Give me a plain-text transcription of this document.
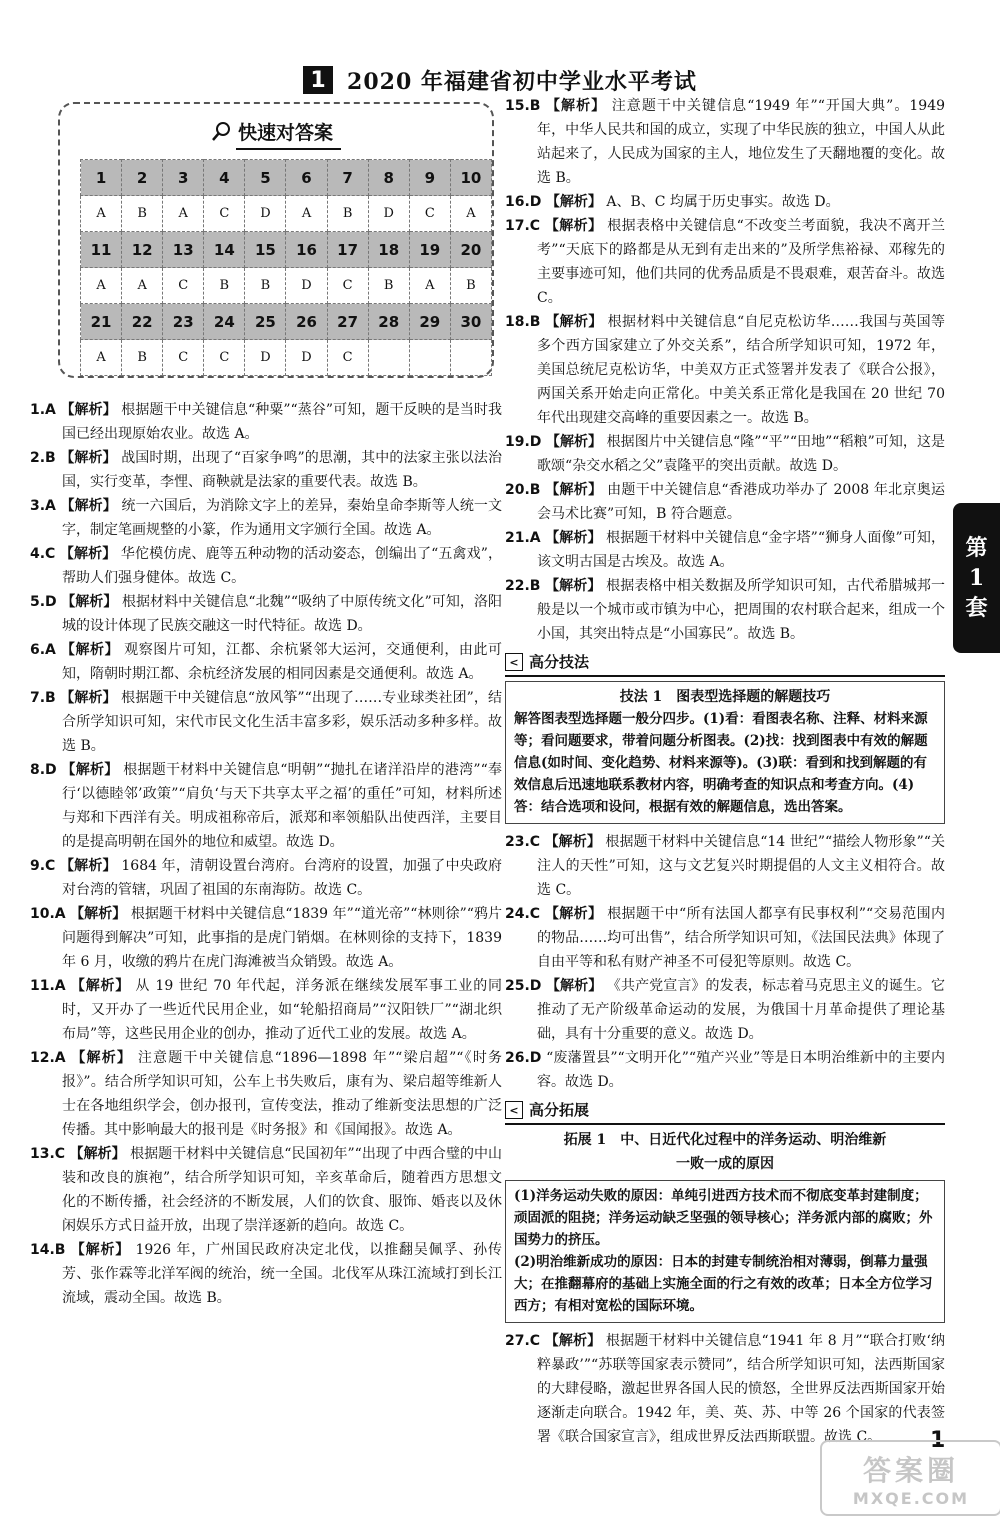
1 2020 年福建省初中学业水平考试
快速对答案
1	2	3	4	5	6	7	8	9	10
A	B	A	C	D	A	B	D	C	A
11	12	13	14	15	16	17	18	19	20
A	A	C	B	B	D	C	B	A	B
21	22	23	24	25	26	27	28	29	30
A	B	C	C	D	D	C			

1.A 【解析】 根据题干中关键信息“种粟”“蒸谷”可知，题干反映的是当时我国已经出现原始农业。故选 A。

2.B 【解析】 战国时期，出现了“百家争鸣”的思潮，其中的法家主张以法治国，实行变革，李悝、商鞅就是法家的重要代表。故选 B。

3.A 【解析】 统一六国后，为消除文字上的差异，秦始皇命李斯等人统一文字，制定笔画规整的小篆，作为通用文字颁行全国。故选 A。

4.C 【解析】 华佗模仿虎、鹿等五种动物的活动姿态，创编出了“五禽戏”，帮助人们强身健体。故选 C。

5.D 【解析】 根据材料中关键信息“北魏”“吸纳了中原传统文化”可知，洛阳城的设计体现了民族交融这一时代特征。故选 D。

6.A 【解析】 观察图片可知，江都、余杭紧邻大运河，交通便利，由此可知，隋朝时期江都、余杭经济发展的相同因素是交通便利。故选 A。

7.B 【解析】 根据题干中关键信息“放风筝”“出现了……专业球类社团”，结合所学知识可知，宋代市民文化生活丰富多彩，娱乐活动多种多样。故选 B。

8.D 【解析】 根据题干材料中关键信息“明朝”“抛扎在诸洋沿岸的港湾”“奉行‘以德睦邻’政策”“肩负‘与天下共享太平之福’的重任”可知，材料所述与郑和下西洋有关。明成祖称帝后，派郑和率领船队出使西洋，主要目的是提高明朝在国外的地位和威望。故选 D。

9.C 【解析】 1684 年，清朝设置台湾府。台湾府的设置，加强了中央政府对台湾的管辖，巩固了祖国的东南海防。故选 C。

10.A 【解析】 根据题干材料中关键信息“1839 年”“道光帝”“林则徐”“鸦片问题得到解决”可知，此事指的是虎门销烟。在林则徐的支持下，1839 年 6 月，收缴的鸦片在虎门海滩被当众销毁。故选 A。

11.A 【解析】 从 19 世纪 70 年代起，洋务派在继续发展军事工业的同时，又开办了一些近代民用企业，如“轮船招商局”“汉阳铁厂”“湖北织布局”等，这些民用企业的创办，推动了近代工业的发展。故选 A。

12.A 【解析】 注意题干中关键信息“1896—1898 年”“梁启超”“《时务报》”。结合所学知识可知，公车上书失败后，康有为、梁启超等维新人士在各地组织学会，创办报刊，宣传变法，推动了维新变法思想的广泛传播。其中影响最大的报刊是《时务报》和《国闻报》。故选 A。

13.C 【解析】 根据题干材料中关键信息“民国初年”“出现了中西合璧的中山装和改良的旗袍”，结合所学知识可知，辛亥革命后，随着西方思想文化的不断传播，社会经济的不断发展，人们的饮食、服饰、婚丧以及休闲娱乐方式日益开放，出现了崇洋逐新的趋向。故选 C。

14.B 【解析】 1926 年，广州国民政府决定北伐，以推翻吴佩孚、孙传芳、张作霖等北洋军阀的统治，统一全国。北伐军从珠江流域打到长江流域，震动全国。故选 B。

15.B 【解析】 注意题干中关键信息“1949 年”“开国大典”。1949 年，中华人民共和国的成立，实现了中华民族的独立，中国人从此站起来了，人民成为国家的主人，地位发生了天翻地覆的变化。故选 B。

16.D 【解析】 A、B、C 均属于历史事实。故选 D。

17.C 【解析】 根据表格中关键信息“不改变兰考面貌，我决不离开兰考”“天底下的路都是从无到有走出来的”及所学焦裕禄、邓稼先的主要事迹可知，他们共同的优秀品质是不畏艰难，艰苦奋斗。故选 C。

18.B 【解析】 根据材料中关键信息“自尼克松访华……我国与英国等多个西方国家建立了外交关系”，结合所学知识可知，1972 年，美国总统尼克松访华，中美双方正式签署并发表了《联合公报》，两国关系开始走向正常化。中美关系正常化是我国在 20 世纪 70 年代出现建交高峰的重要因素之一。故选 B。

19.D 【解析】 根据图片中关键信息“隆”“平”“田地”“稻粮”可知，这是歌颂“杂交水稻之父”袁隆平的突出贡献。故选 D。

20.B 【解析】 由题干中关键信息“香港成功举办了 2008 年北京奥运会马术比赛”可知，B 符合题意。

21.A 【解析】 根据题干材料中关键信息“金字塔”“狮身人面像”可知，该文明古国是古埃及。故选 A。

22.B 【解析】 根据表格中相关数据及所学知识可知，古代希腊城邦一般是以一个城市或市镇为中心，把周围的农村联合起来，组成一个小国，其突出特点是“小国寡民”。故选 B。

< 高分技法
技法 1　图表型选择题的解题技巧
解答图表型选择题一般分四步。(1)看：看图表名称、注释、材料来源等；看问题要求，带着问题分析图表。(2)找：找到图表中有效的解题信息(如时间、变化趋势、材料来源等)。(3)联：看到和找到解题的有效信息后迅速地联系教材内容，明确考查的知识点和考查方向。(4)答：结合选项和设问，根据有效的解题信息，选出答案。

23.C 【解析】 根据题干材料中关键信息“14 世纪”“描绘人物形象”“关注人的天性”可知，这与文艺复兴时期提倡的人文主义相符合。故选 C。

24.C 【解析】 根据题干中“所有法国人都享有民事权利”“交易范围内的物品……均可出售”，结合所学知识可知，《法国民法典》体现了自由平等和私有财产神圣不可侵犯等原则。故选 C。

25.D 【解析】 《共产党宣言》的发表，标志着马克思主义的诞生。它推动了无产阶级革命运动的发展，为俄国十月革命提供了理论基础，具有十分重要的意义。故选 D。

26.D “废藩置县”“文明开化”“殖产兴业”等是日本明治维新中的主要内容。故选 D。

< 高分拓展
拓展 1　中、日近代化过程中的洋务运动、明治维新
一败一成的原因
(1)洋务运动失败的原因：单纯引进西方技术而不彻底变革封建制度；顽固派的阻挠；洋务运动缺乏坚强的领导核心；洋务派内部的腐败；外国势力的挤压。
(2)明治维新成功的原因：日本的封建专制统治相对薄弱，倒幕力量强大；在推翻幕府的基础上实施全面的行之有效的改革；日本全方位学习西方；有相对宽松的国际环境。

27.C 【解析】 根据题干材料中关键信息“1941 年 8 月”“联合打败‘纳粹暴政’”“苏联等国家表示赞同”，结合所学知识可知，法西斯国家的大肆侵略，激起世界各国人民的愤怒，全世界反法西斯国家开始逐渐走向联合。1942 年，美、英、苏、中等 26 个国家的代表签署《联合国家宣言》，组成世界反法西斯联盟。故选 C。

第
1
套
1
答案圈
MXQE.COM
